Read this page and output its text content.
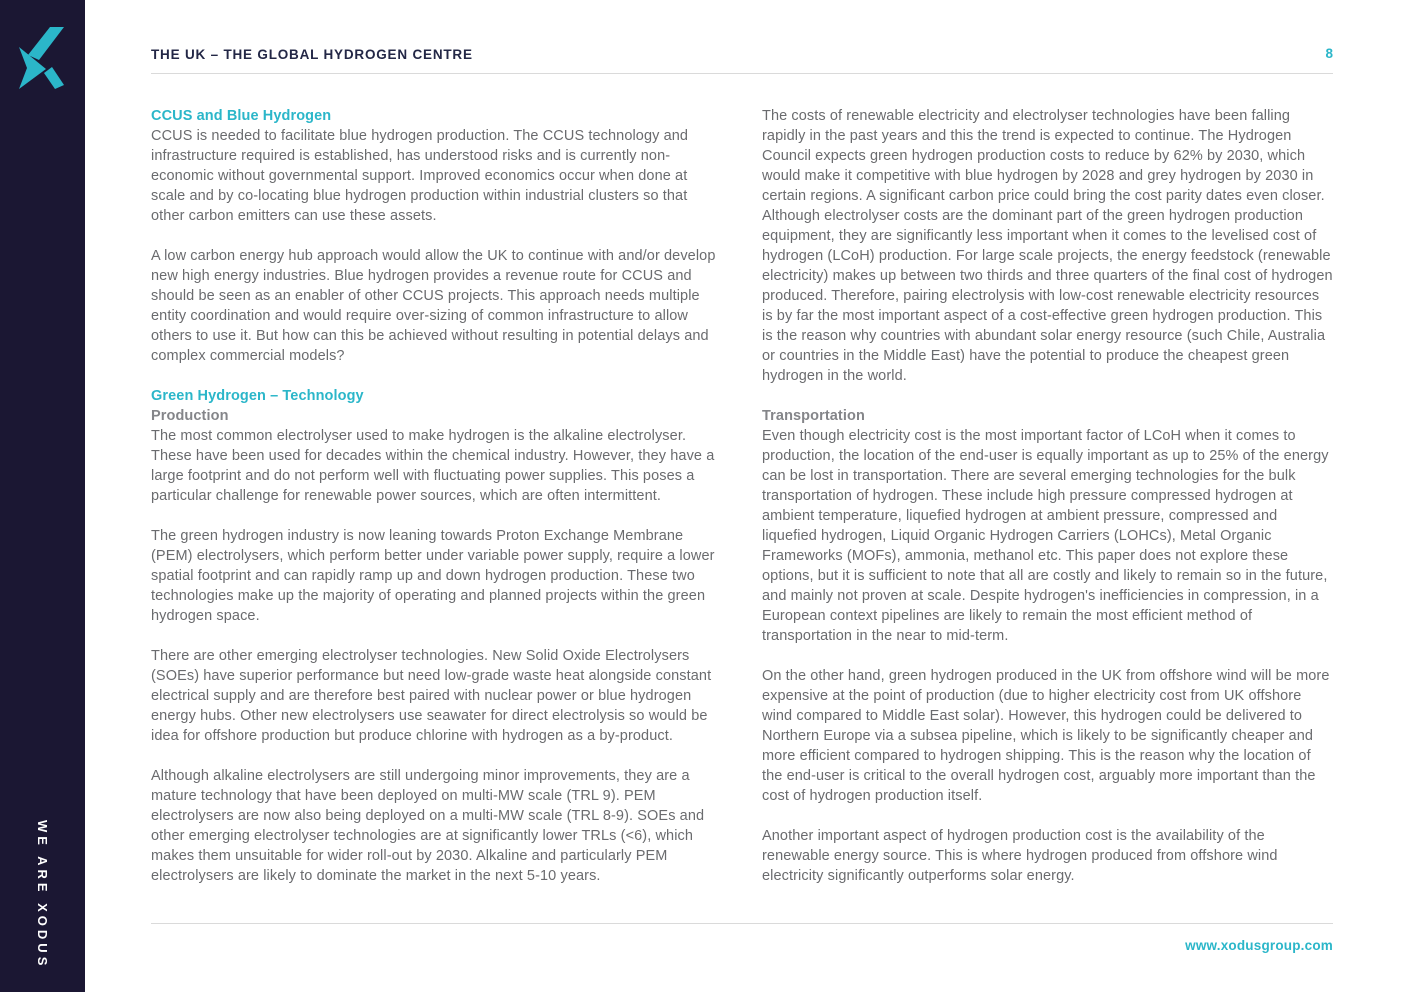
WE ARE XODUS
THE UK – THE GLOBAL HYDROGEN CENTRE	8
CCUS and Blue Hydrogen

CCUS is needed to facilitate blue hydrogen production. The CCUS technology and infrastructure required is established, has understood risks and is currently non-economic without governmental support. Improved economics occur when done at scale and by co-locating blue hydrogen production within industrial clusters so that other carbon emitters can use these assets.

A low carbon energy hub approach would allow the UK to continue with and/or develop new high energy industries. Blue hydrogen provides a revenue route for CCUS and should be seen as an enabler of other CCUS projects. This approach needs multiple entity coordination and would require over-sizing of common infrastructure to allow others to use it. But how can this be achieved without resulting in potential delays and complex commercial models?

Green Hydrogen – Technology
Production

The most common electrolyser used to make hydrogen is the alkaline electrolyser. These have been used for decades within the chemical industry. However, they have a large footprint and do not perform well with fluctuating power supplies. This poses a particular challenge for renewable power sources, which are often intermittent.

The green hydrogen industry is now leaning towards Proton Exchange Membrane (PEM) electrolysers, which perform better under variable power supply, require a lower spatial footprint and can rapidly ramp up and down hydrogen production. These two technologies make up the majority of operating and planned projects within the green hydrogen space.

There are other emerging electrolyser technologies. New Solid Oxide Electrolysers (SOEs) have superior performance but need low-grade waste heat alongside constant electrical supply and are therefore best paired with nuclear power or blue hydrogen energy hubs. Other new electrolysers use seawater for direct electrolysis so would be idea for offshore production but produce chlorine with hydrogen as a by-product.

Although alkaline electrolysers are still undergoing minor improvements, they are a mature technology that have been deployed on multi-MW scale (TRL 9). PEM electrolysers are now also being deployed on a multi-MW scale (TRL 8-9). SOEs and other emerging electrolyser technologies are at significantly lower TRLs (<6), which makes them unsuitable for wider roll-out by 2030. Alkaline and particularly PEM electrolysers are likely to dominate the market in the next 5-10 years.

The costs of renewable electricity and electrolyser technologies have been falling rapidly in the past years and this the trend is expected to continue. The Hydrogen Council expects green hydrogen production costs to reduce by 62% by 2030, which would make it competitive with blue hydrogen by 2028 and grey hydrogen by 2030 in certain regions. A significant carbon price could bring the cost parity dates even closer. Although electrolyser costs are the dominant part of the green hydrogen production equipment, they are significantly less important when it comes to the levelised cost of hydrogen (LCoH) production. For large scale projects, the energy feedstock (renewable electricity) makes up between two thirds and three quarters of the final cost of hydrogen produced. Therefore, pairing electrolysis with low-cost renewable electricity resources is by far the most important aspect of a cost-effective green hydrogen production. This is the reason why countries with abundant solar energy resource (such Chile, Australia or countries in the Middle East) have the potential to produce the cheapest green hydrogen in the world.

Transportation

Even though electricity cost is the most important factor of LCoH when it comes to production, the location of the end-user is equally important as up to 25% of the energy can be lost in transportation. There are several emerging technologies for the bulk transportation of hydrogen. These include high pressure compressed hydrogen at ambient temperature, liquefied hydrogen at ambient pressure, compressed and liquefied hydrogen, Liquid Organic Hydrogen Carriers (LOHCs), Metal Organic Frameworks (MOFs), ammonia, methanol etc. This paper does not explore these options, but it is sufficient to note that all are costly and likely to remain so in the future, and mainly not proven at scale. Despite hydrogen's inefficiencies in compression, in a European context pipelines are likely to remain the most efficient method of transportation in the near to mid-term.

On the other hand, green hydrogen produced in the UK from offshore wind will be more expensive at the point of production (due to higher electricity cost from UK offshore wind compared to Middle East solar). However, this hydrogen could be delivered to Northern Europe via a subsea pipeline, which is likely to be significantly cheaper and more efficient compared to hydrogen shipping. This is the reason why the location of the end-user is critical to the overall hydrogen cost, arguably more important than the cost of hydrogen production itself.

Another important aspect of hydrogen production cost is the availability of the renewable energy source. This is where hydrogen produced from offshore wind electricity significantly outperforms solar energy.

www.xodusgroup.com
